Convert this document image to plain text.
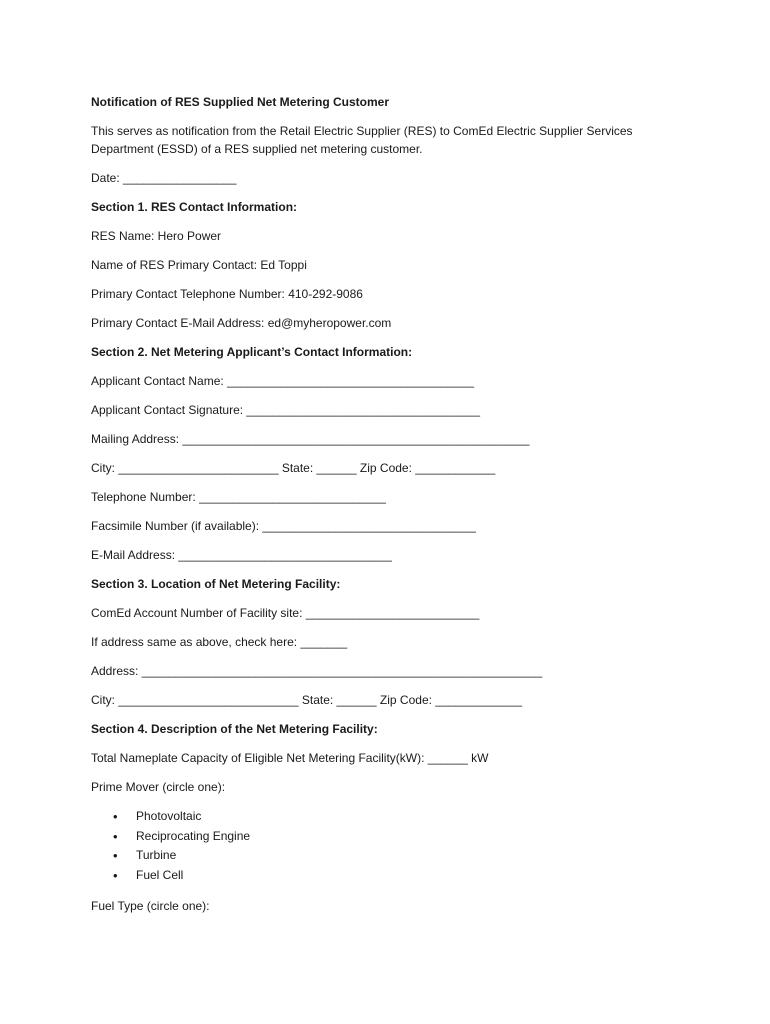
Notification of RES Supplied Net Metering Customer
This serves as notification from the Retail Electric Supplier (RES) to ComEd Electric Supplier Services Department (ESSD) of a RES supplied net metering customer.
Date: _________________
Section 1. RES Contact Information:
RES Name: Hero Power
Name of RES Primary Contact: Ed Toppi
Primary Contact Telephone Number: 410-292-9086
Primary Contact E-Mail Address: ed@myheropower.com
Section 2. Net Metering Applicant’s Contact Information:
Applicant Contact Name: _____________________________________
Applicant Contact Signature: ___________________________________
Mailing Address: ____________________________________________________
City: ________________________ State: ______ Zip Code: ____________
Telephone Number: ____________________________
Facsimile Number (if available): ________________________________
E-Mail Address: ________________________________
Section 3. Location of Net Metering Facility:
ComEd Account Number of Facility site: __________________________
If address same as above, check here: _______
Address: ____________________________________________________________
City: ___________________________ State: ______ Zip Code: _____________
Section 4. Description of the Net Metering Facility:
Total Nameplate Capacity of Eligible Net Metering Facility(kW): ______ kW
Prime Mover (circle one):
• Photovoltaic
• Reciprocating Engine
• Turbine
• Fuel Cell
Fuel Type (circle one):
